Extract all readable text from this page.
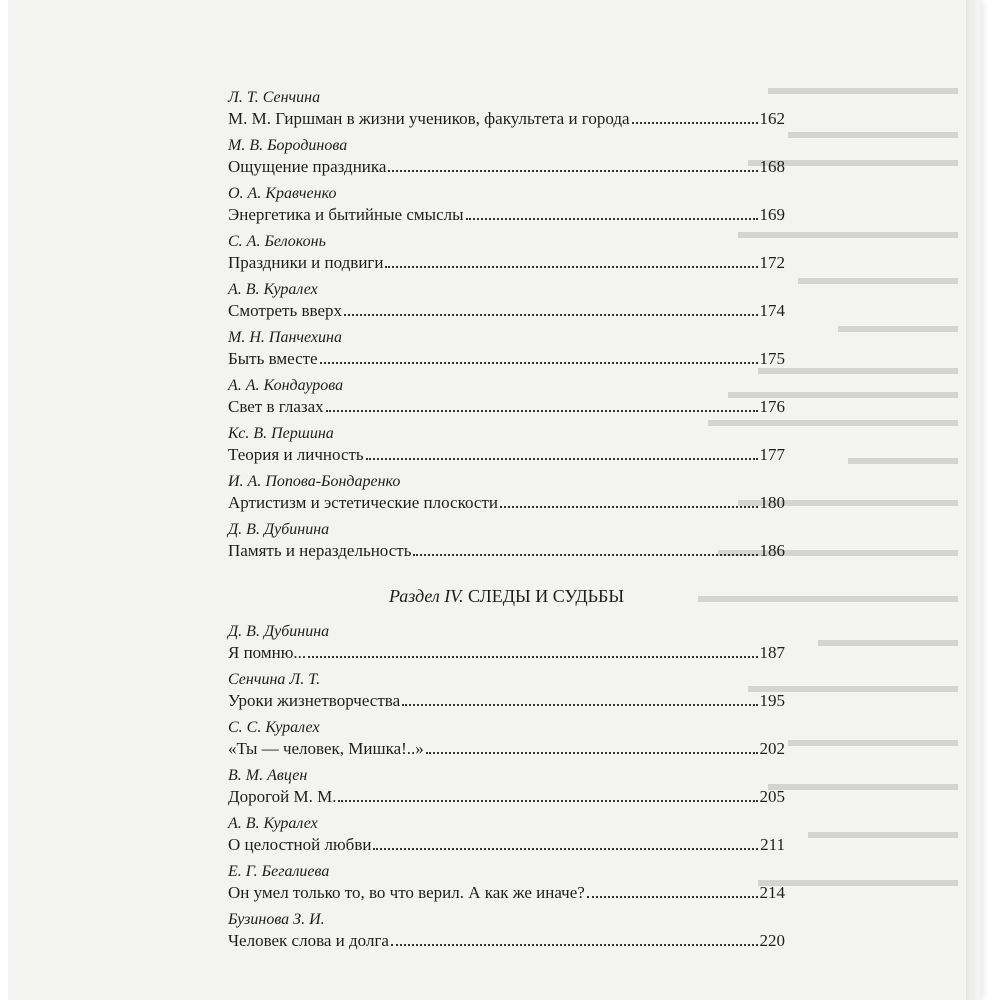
Л. Т. Сенчина
М. М. Гиршман в жизни учеников, факультета и города	162
М. В. Бородинова
Ощущение праздника	168
О. А. Кравченко
Энергетика и бытийные смыслы	169
С. А. Белоконь
Праздники и подвиги	172
А. В. Куралех
Смотреть вверх	174
М. Н. Панчехина
Быть вместе	175
А. А. Кондаурова
Свет в глазах	176
Кс. В. Першина
Теория и личность	177
И. А. Попова-Бондаренко
Артистизм и эстетические плоскости	180
Д. В. Дубинина
Память и нераздельность	186
Раздел IV. СЛЕДЫ И СУДЬБЫ
Д. В. Дубинина
Я помню...	187
Сенчина Л. Т.
Уроки жизнетворчества	195
С. С. Куралех
«Ты — человек, Мишка!..»	202
В. М. Авцен
Дорогой М. М.	205
А. В. Куралех
О целостной любви	211
Е. Г. Бегалиева
Он умел только то, во что верил. А как же иначе?	214
Бузинова З. И.
Человек слова и долга	220
